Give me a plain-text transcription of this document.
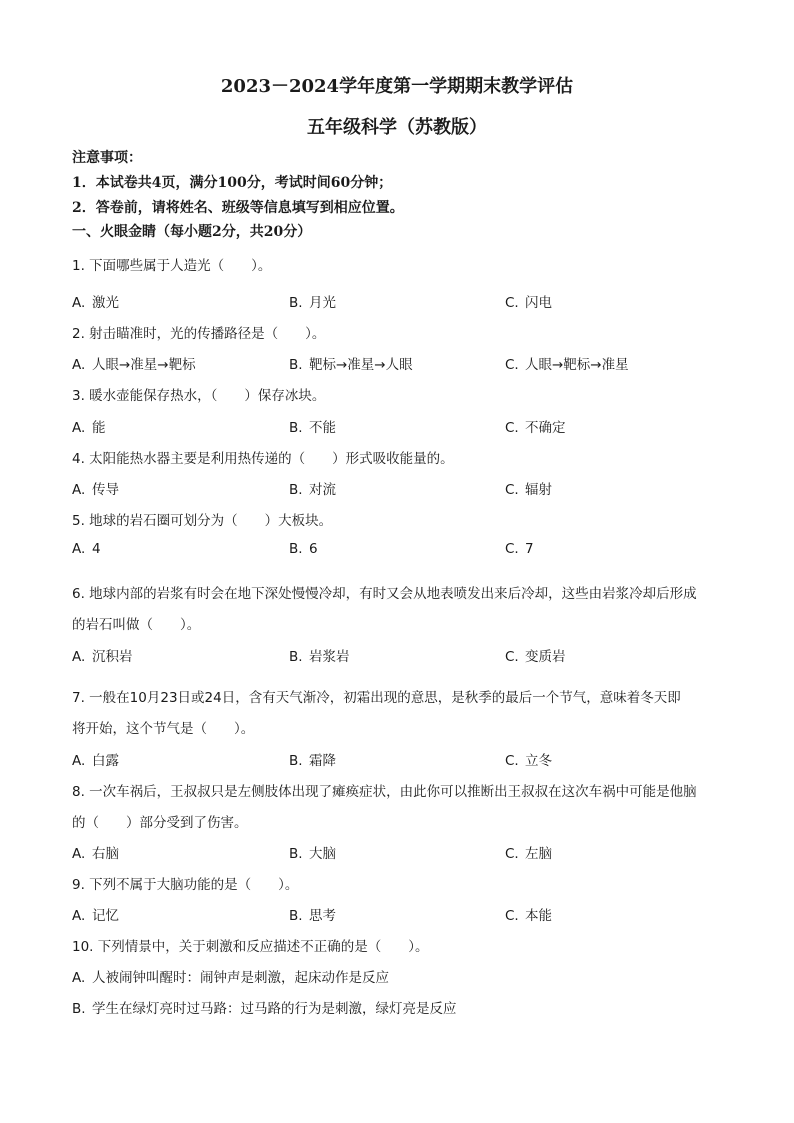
2023－2024学年度第一学期期末教学评估
五年级科学（苏教版）
注意事项：
1．本试卷共4页，满分100分，考试时间60分钟；
2．答卷前，请将姓名、班级等信息填写到相应位置。
一、火眼金睛（每小题2分，共20分）
1. 下面哪些属于人造光（　　）。
A. 激光	B. 月光	C. 闪电
2. 射击瞄准时，光的传播路径是（　　）。
A. 人眼→准星→靶标	B. 靶标→准星→人眼	C. 人眼→靶标→准星
3. 暖水壶能保存热水，（　　）保存冰块。
A. 能	B. 不能	C. 不确定
4. 太阳能热水器主要是利用热传递的（　　）形式吸收能量的。
A. 传导	B. 对流	C. 辐射
5. 地球的岩石圈可划分为（　　）大板块。
A. 4	B. 6	C. 7
6. 地球内部的岩浆有时会在地下深处慢慢冷却，有时又会从地表喷发出来后冷却，这些由岩浆冷却后形成
的岩石叫做（　　）。
A. 沉积岩	B. 岩浆岩	C. 变质岩
7. 一般在10月23日或24日，含有天气渐冷，初霜出现的意思，是秋季的最后一个节气，意味着冬天即
将开始，这个节气是（　　）。
A. 白露	B. 霜降	C. 立冬
8. 一次车祸后，王叔叔只是左侧肢体出现了瘫痪症状，由此你可以推断出王叔叔在这次车祸中可能是他脑
的（　　）部分受到了伤害。
A. 右脑	B. 大脑	C. 左脑
9. 下列不属于大脑功能的是（　　）。
A. 记忆	B. 思考	C. 本能
10. 下列情景中，关于刺激和反应描述不正确的是（　　）。
A. 人被闹钟叫醒时：闹钟声是刺激，起床动作是反应
B. 学生在绿灯亮时过马路：过马路的行为是刺激，绿灯亮是反应
